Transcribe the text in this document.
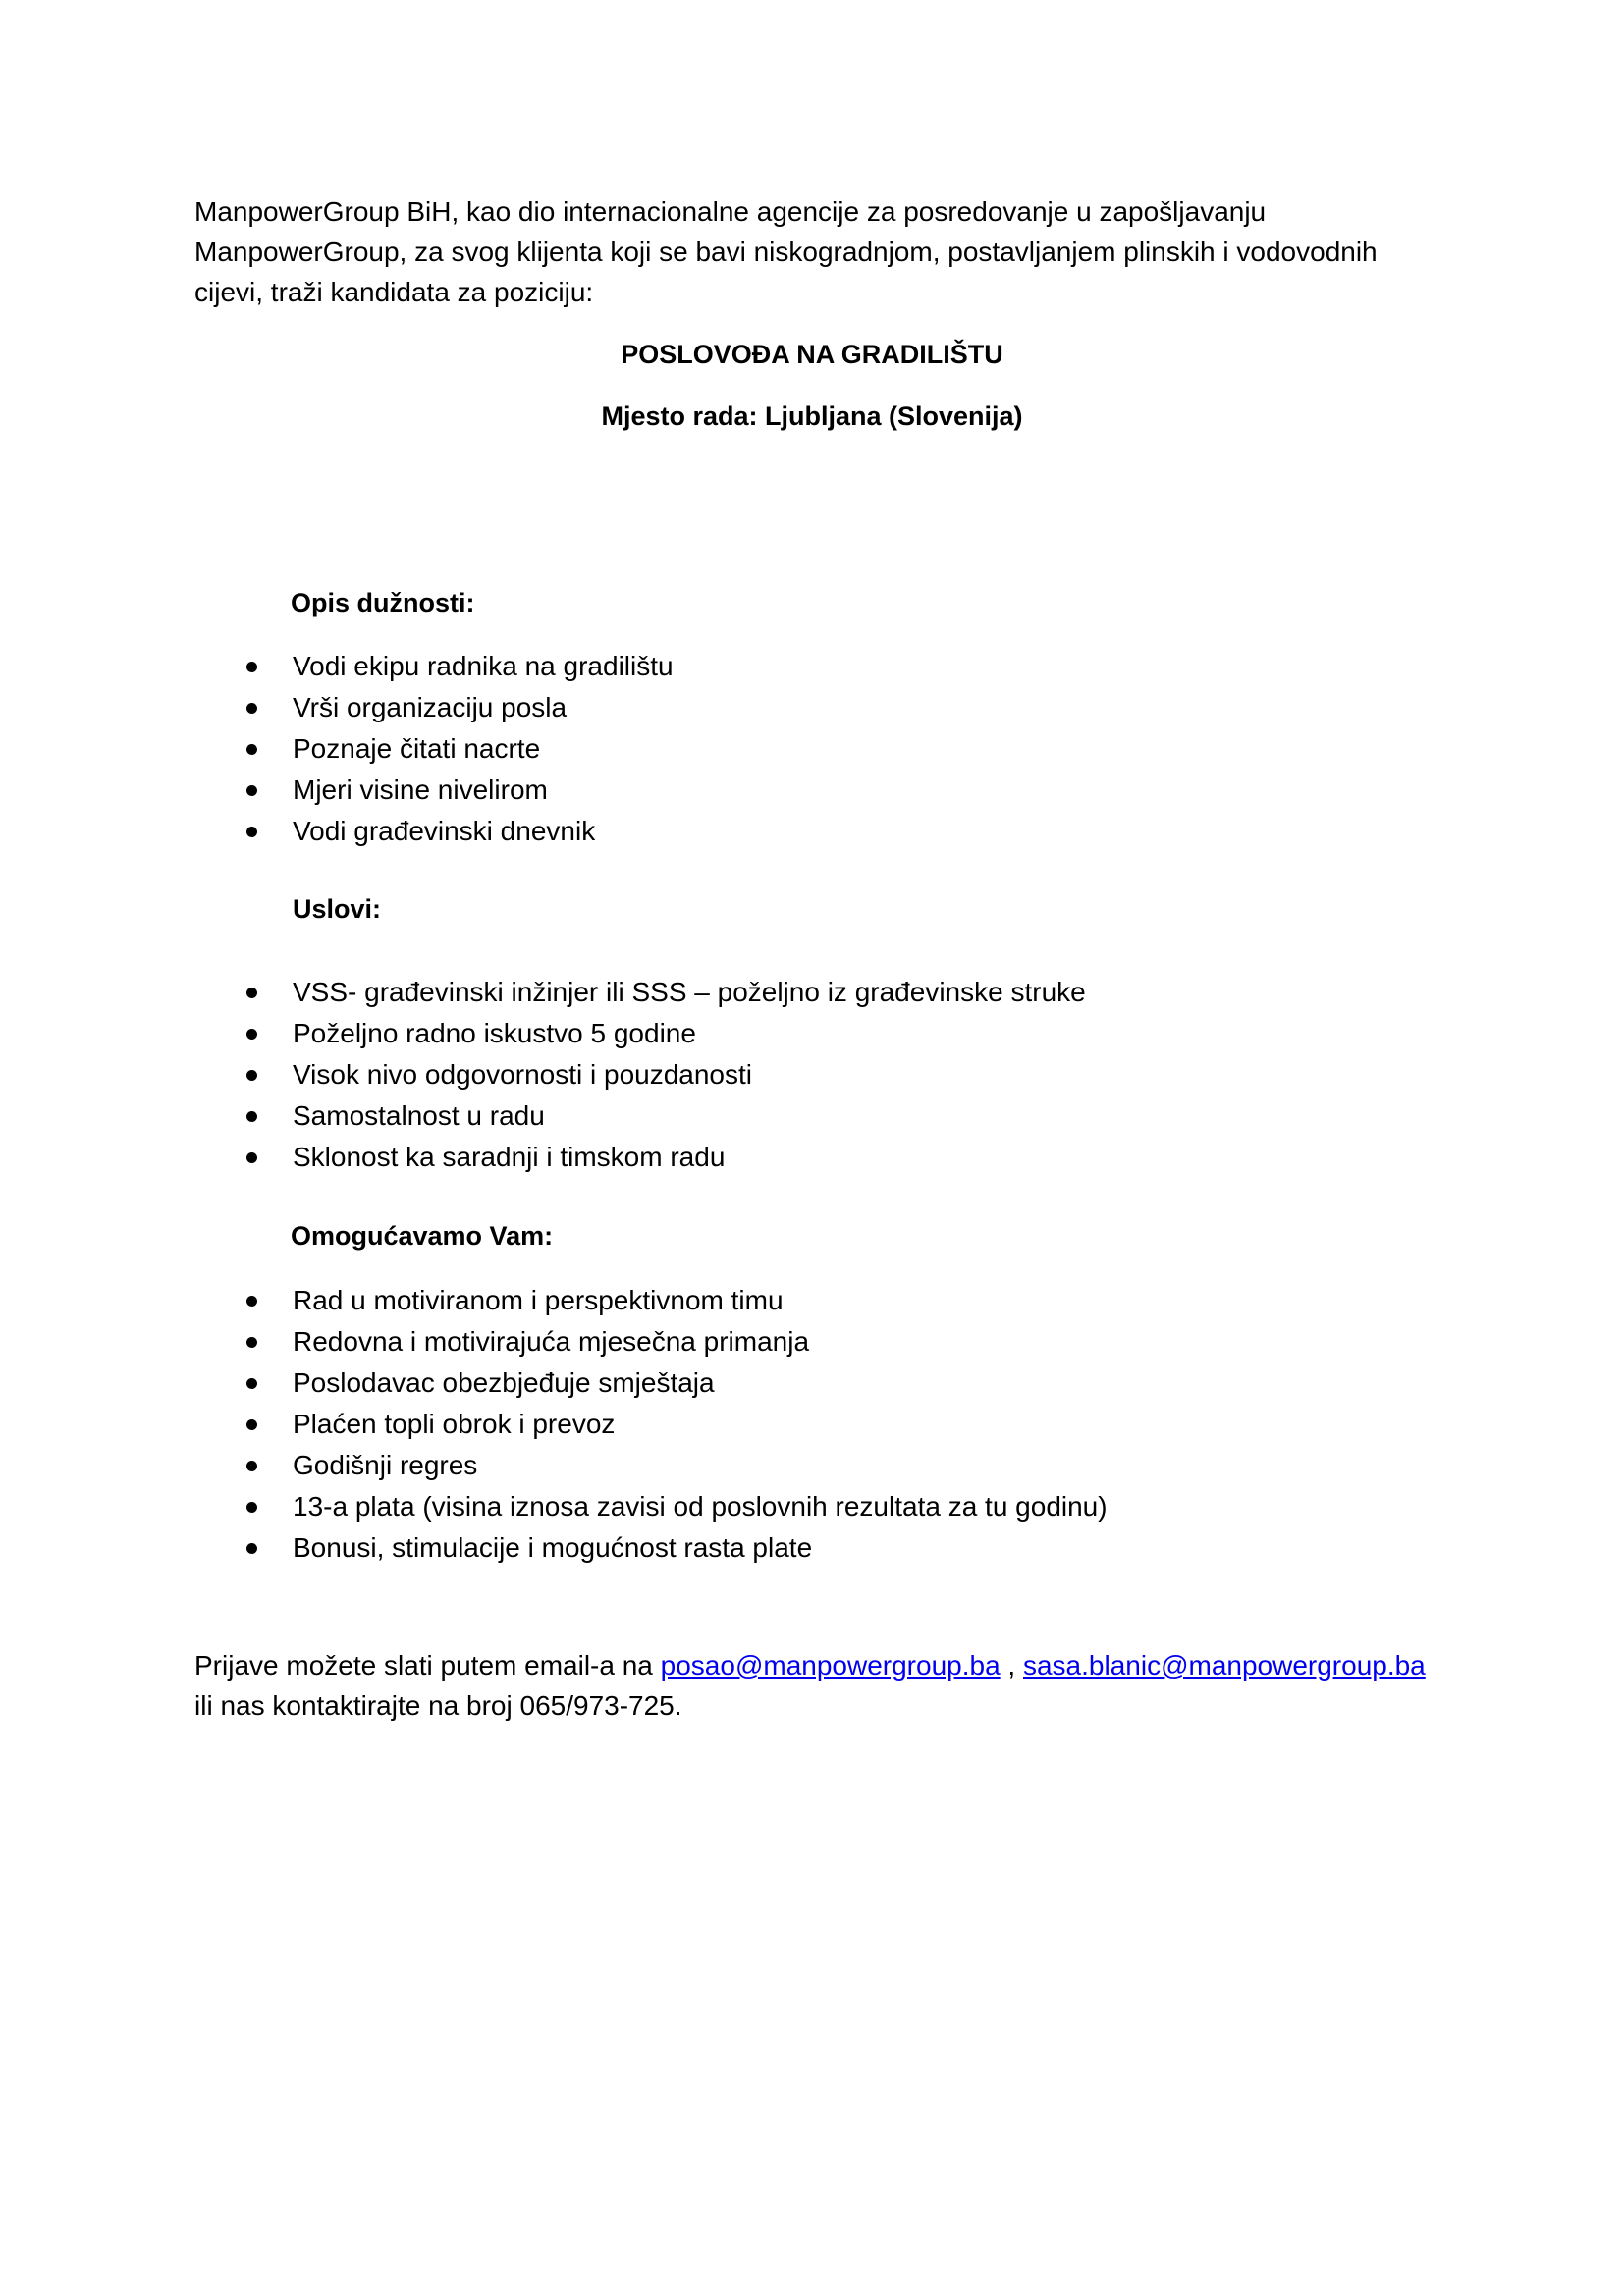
ManpowerGroup BiH, kao dio internacionalne agencije za posredovanje u zapošljavanju

ManpowerGroup, za svog klijenta koji se bavi niskogradnjom, postavljanjem plinskih i vodovodnih

cijevi, traži kandidata za poziciju:

POSLOVOĐA NA GRADILIŠTU

Mjesto rada: Ljubljana (Slovenija)

Opis dužnosti:

Vodi ekipu radnika na gradilištu

Vrši organizaciju posla

Poznaje čitati nacrte

Mjeri visine nivelirom

Vodi građevinski dnevnik

Uslovi:

VSS- građevinski inžinjer ili SSS – poželjno iz građevinske struke

Poželjno radno iskustvo 5 godine

Visok nivo odgovornosti i pouzdanosti

Samostalnost u radu

Sklonost ka saradnji i timskom radu

Omogućavamo Vam:

Rad u motiviranom i perspektivnom timu

Redovna i motivirajuća mjesečna primanja

Poslodavac obezbjeđuje smještaja

Plaćen topli obrok i prevoz

Godišnji regres

13-a plata (visina iznosa zavisi od poslovnih rezultata za tu godinu)

Bonusi, stimulacije i mogućnost rasta plate

Prijave možete slati putem email-a na posao@manpowergroup.ba , sasa.blanic@manpowergroup.ba

ili nas kontaktirajte na broj 065/973-725.
